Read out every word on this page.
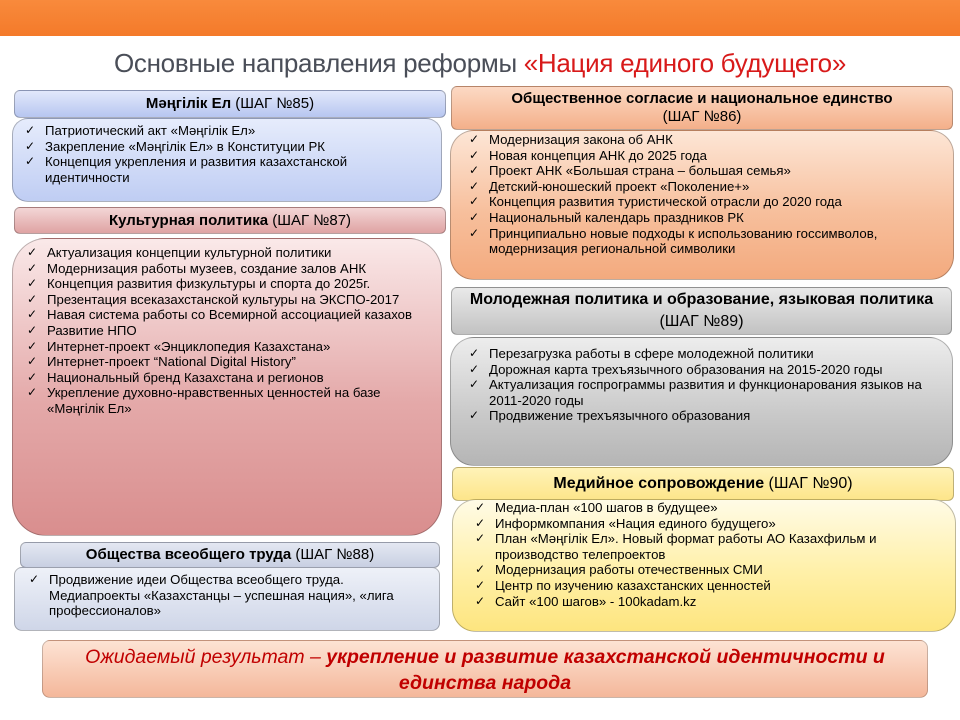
Основные направления реформы «Нация единого будущего»
Мәңгілік Ел (ШАГ №85)
✓ Патриотический акт «Мәңгілік Ел»
✓ Закрепление «Мәңгілік Ел» в Конституции РК
✓ Концепция укрепления и развития казахстанской идентичности
Культурная политика (ШАГ №87)
✓ Актуализация концепции культурной политики
✓ Модернизация работы музеев, создание залов АНК
✓ Концепция развития физкультуры и спорта до 2025г.
✓ Презентация всеказахстанской культуры на ЭКСПО-2017
✓ Навая система работы со Всемирной ассоциацией казахов
✓ Развитие НПО
✓ Интернет-проект «Энциклопедия Казахстана»
✓ Интернет-проект “National Digital History”
✓ Национальный бренд Казахстана и регионов
✓ Укрепление духовно-нравственных ценностей на базе «Мәңгілік Ел»
Общества всеобщего труда (ШАГ №88)
✓ Продвижение идеи Общества всеобщего труда. Медиапроекты «Казахстанцы – успешная нация», «лига профессионалов»
Общественное согласие и национальное единство
(ШАГ №86)
✓ Модернизация закона об АНК
✓ Новая концепция АНК до 2025 года
✓ Проект АНК «Большая страна – большая семья»
✓ Детский-юношеский проект «Поколение+»
✓ Концепция развития туристической отрасли до 2020 года
✓ Национальный календарь праздников РК
✓ Принципиально новые подходы к использованию госсимволов, модернизация региональной символики
Молодежная политика и образование, языковая политика (ШАГ №89)
✓ Перезагрузка работы в сфере молодежной политики
✓ Дорожная карта трехъязычного образования на 2015-2020 годы
✓ Актуализация госпрограммы развития и функционарования языков на 2011-2020 годы
✓ Продвижение трехъязычного образования
Медийное сопровождение (ШАГ №90)
✓ Медиа-план «100 шагов в будущее»
✓ Информкомпания «Нация единого будущего»
✓ План «Мәңгілік Ел». Новый формат работы АО Казахфильм и производство телепроектов
✓ Модернизация работы отечественных СМИ
✓ Центр по изучению казахстанских ценностей
✓ Сайт «100 шагов» - 100kadam.kz
Ожидаемый результат – укрепление и развитие казахстанской идентичности и единства народа
